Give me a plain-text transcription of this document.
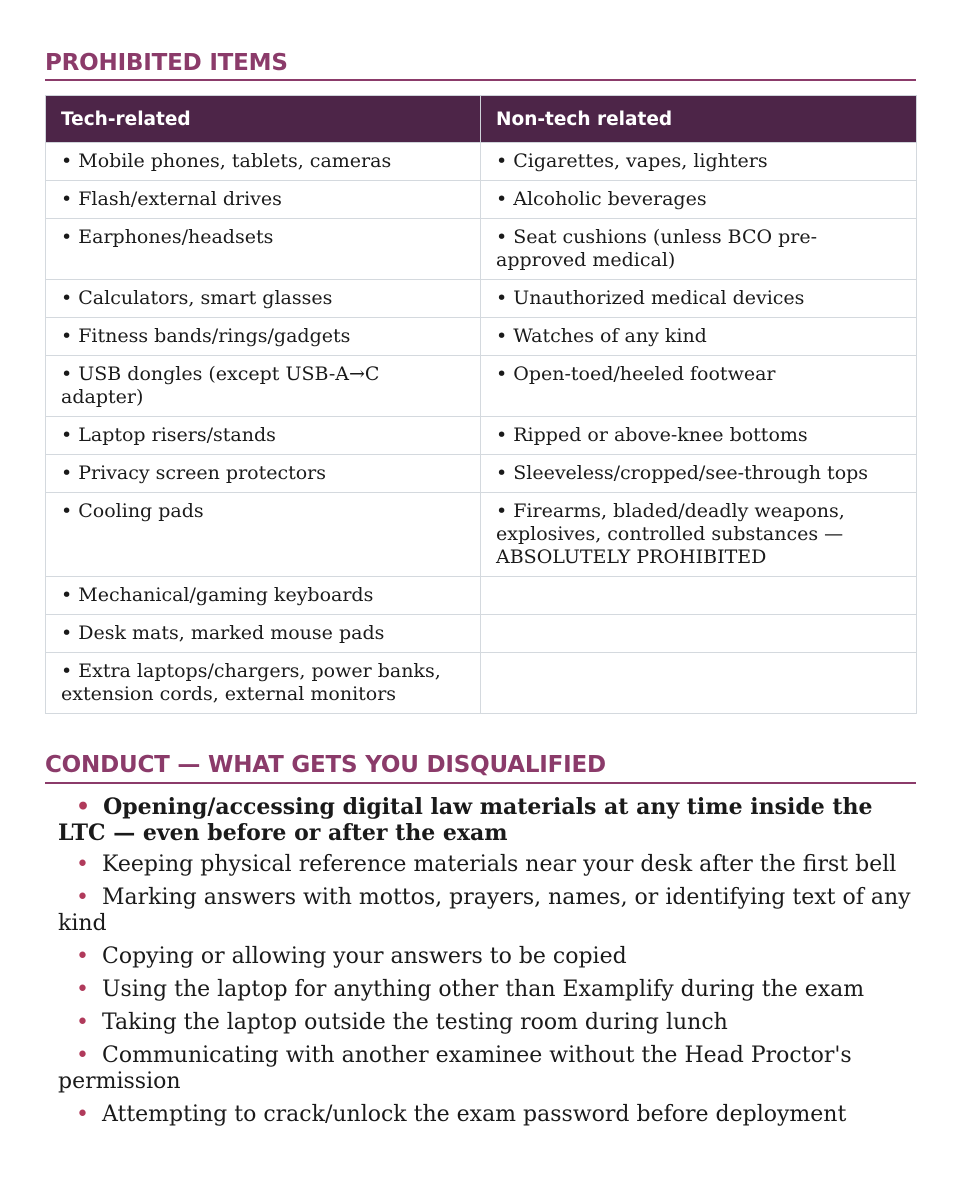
PROHIBITED ITEMS
Tech-related	Non-tech related
• Mobile phones, tablets, cameras	• Cigarettes, vapes, lighters
• Flash/external drives	• Alcoholic beverages
• Earphones/headsets	• Seat cushions (unless BCO pre-approved medical)
• Calculators, smart glasses	• Unauthorized medical devices
• Fitness bands/rings/gadgets	• Watches of any kind
• USB dongles (except USB-A→C adapter)	• Open-toed/heeled footwear
• Laptop risers/stands	• Ripped or above-knee bottoms
• Privacy screen protectors	• Sleeveless/cropped/see-through tops
• Cooling pads	• Firearms, bladed/deadly weapons, explosives, controlled substances — ABSOLUTELY PROHIBITED
• Mechanical/gaming keyboards	
• Desk mats, marked mouse pads	
• Extra laptops/chargers, power banks, extension cords, external monitors	
CONDUCT — WHAT GETS YOU DISQUALIFIED
• Opening/accessing digital law materials at any time inside the LTC — even before or after the exam
• Keeping physical reference materials near your desk after the first bell
• Marking answers with mottos, prayers, names, or identifying text of any kind
• Copying or allowing your answers to be copied
• Using the laptop for anything other than Examplify during the exam
• Taking the laptop outside the testing room during lunch
• Communicating with another examinee without the Head Proctor's permission
• Attempting to crack/unlock the exam password before deployment
